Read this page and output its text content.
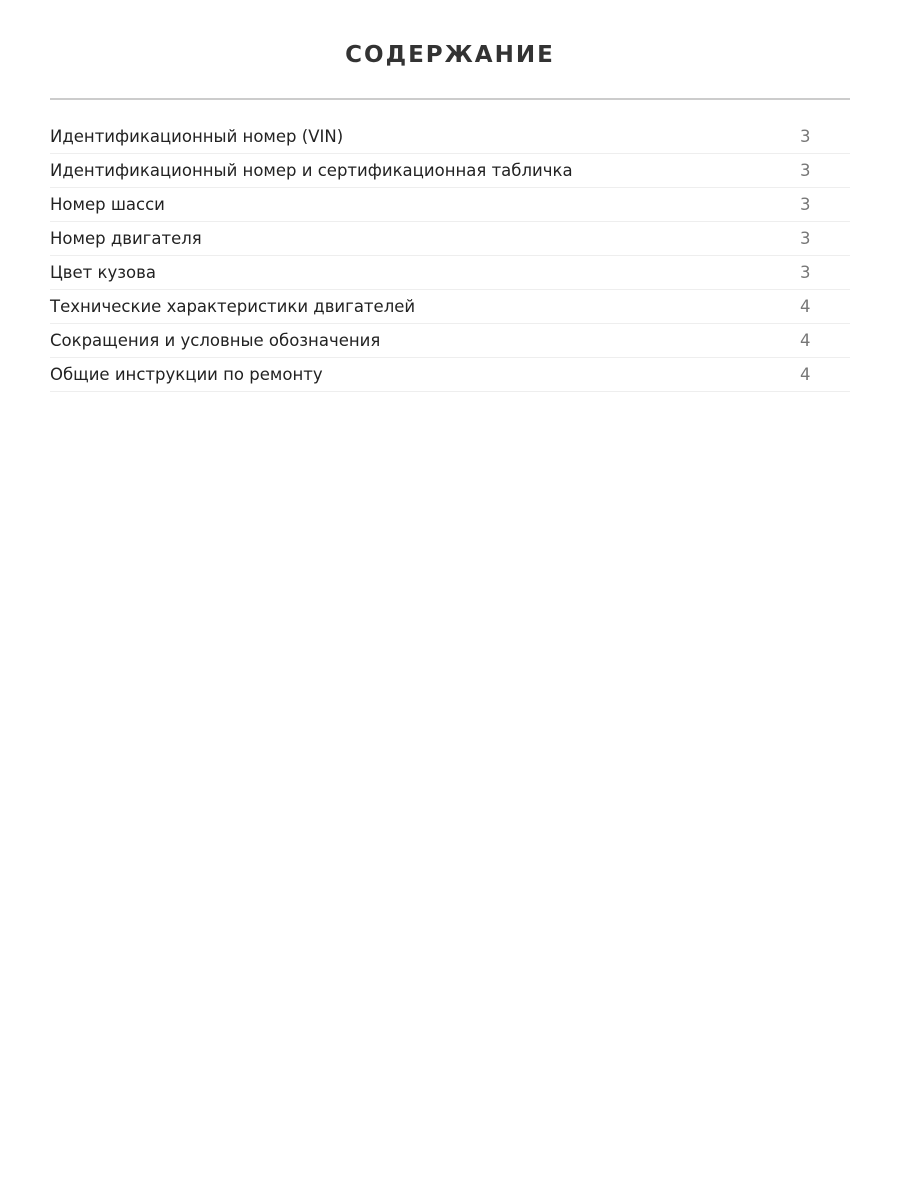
СОДЕРЖАНИЕ
Идентификационный номер (VIN)	3
Идентификационный номер и сертификационная табличка	3
Номер шасси	3
Номер двигателя	3
Цвет кузова	3
Технические характеристики двигателей	4
Сокращения и условные обозначения	4
Общие инструкции по ремонту	4
